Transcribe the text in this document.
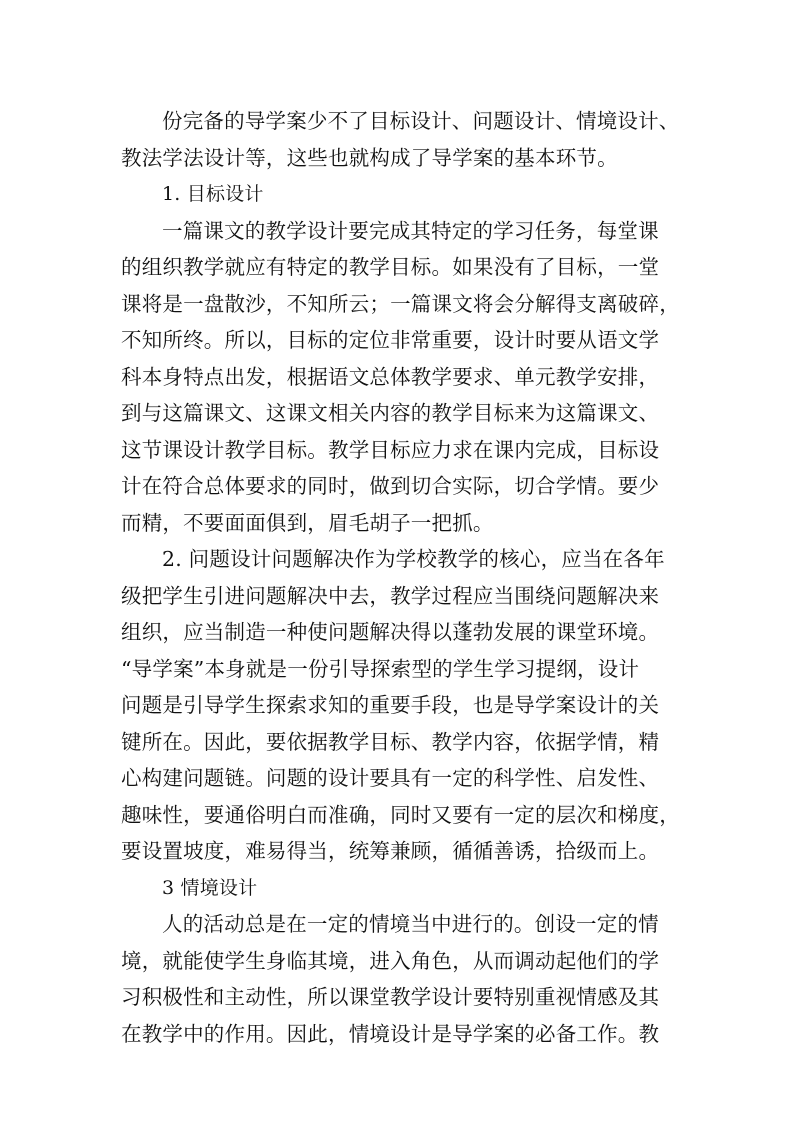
份完备的导学案少不了目标设计、问题设计、情境设计、
教法学法设计等，这些也就构成了导学案的基本环节。
1. 目标设计
一篇课文的教学设计要完成其特定的学习任务，每堂课
的组织教学就应有特定的教学目标。如果没有了目标，一堂
课将是一盘散沙，不知所云；一篇课文将会分解得支离破碎，
不知所终。所以，目标的定位非常重要，设计时要从语文学
科本身特点出发，根据语文总体教学要求、单元教学安排，
到与这篇课文、这课文相关内容的教学目标来为这篇课文、
这节课设计教学目标。教学目标应力求在课内完成，目标设
计在符合总体要求的同时，做到切合实际，切合学情。要少
而精，不要面面俱到，眉毛胡子一把抓。
2. 问题设计问题解决作为学校教学的核心，应当在各年
级把学生引进问题解决中去，教学过程应当围绕问题解决来
组织，应当制造一种使问题解决得以蓬勃发展的课堂环境。
“导学案”本身就是一份引导探索型的学生学习提纲，设计
问题是引导学生探索求知的重要手段，也是导学案设计的关
键所在。因此，要依据教学目标、教学内容，依据学情，精
心构建问题链。问题的设计要具有一定的科学性、启发性、
趣味性，要通俗明白而准确，同时又要有一定的层次和梯度，
要设置坡度，难易得当，统筹兼顾，循循善诱，拾级而上。
3 情境设计
人的活动总是在一定的情境当中进行的。创设一定的情
境，就能使学生身临其境，进入角色，从而调动起他们的学
习积极性和主动性，所以课堂教学设计要特别重视情感及其
在教学中的作用。因此，情境设计是导学案的必备工作。教
